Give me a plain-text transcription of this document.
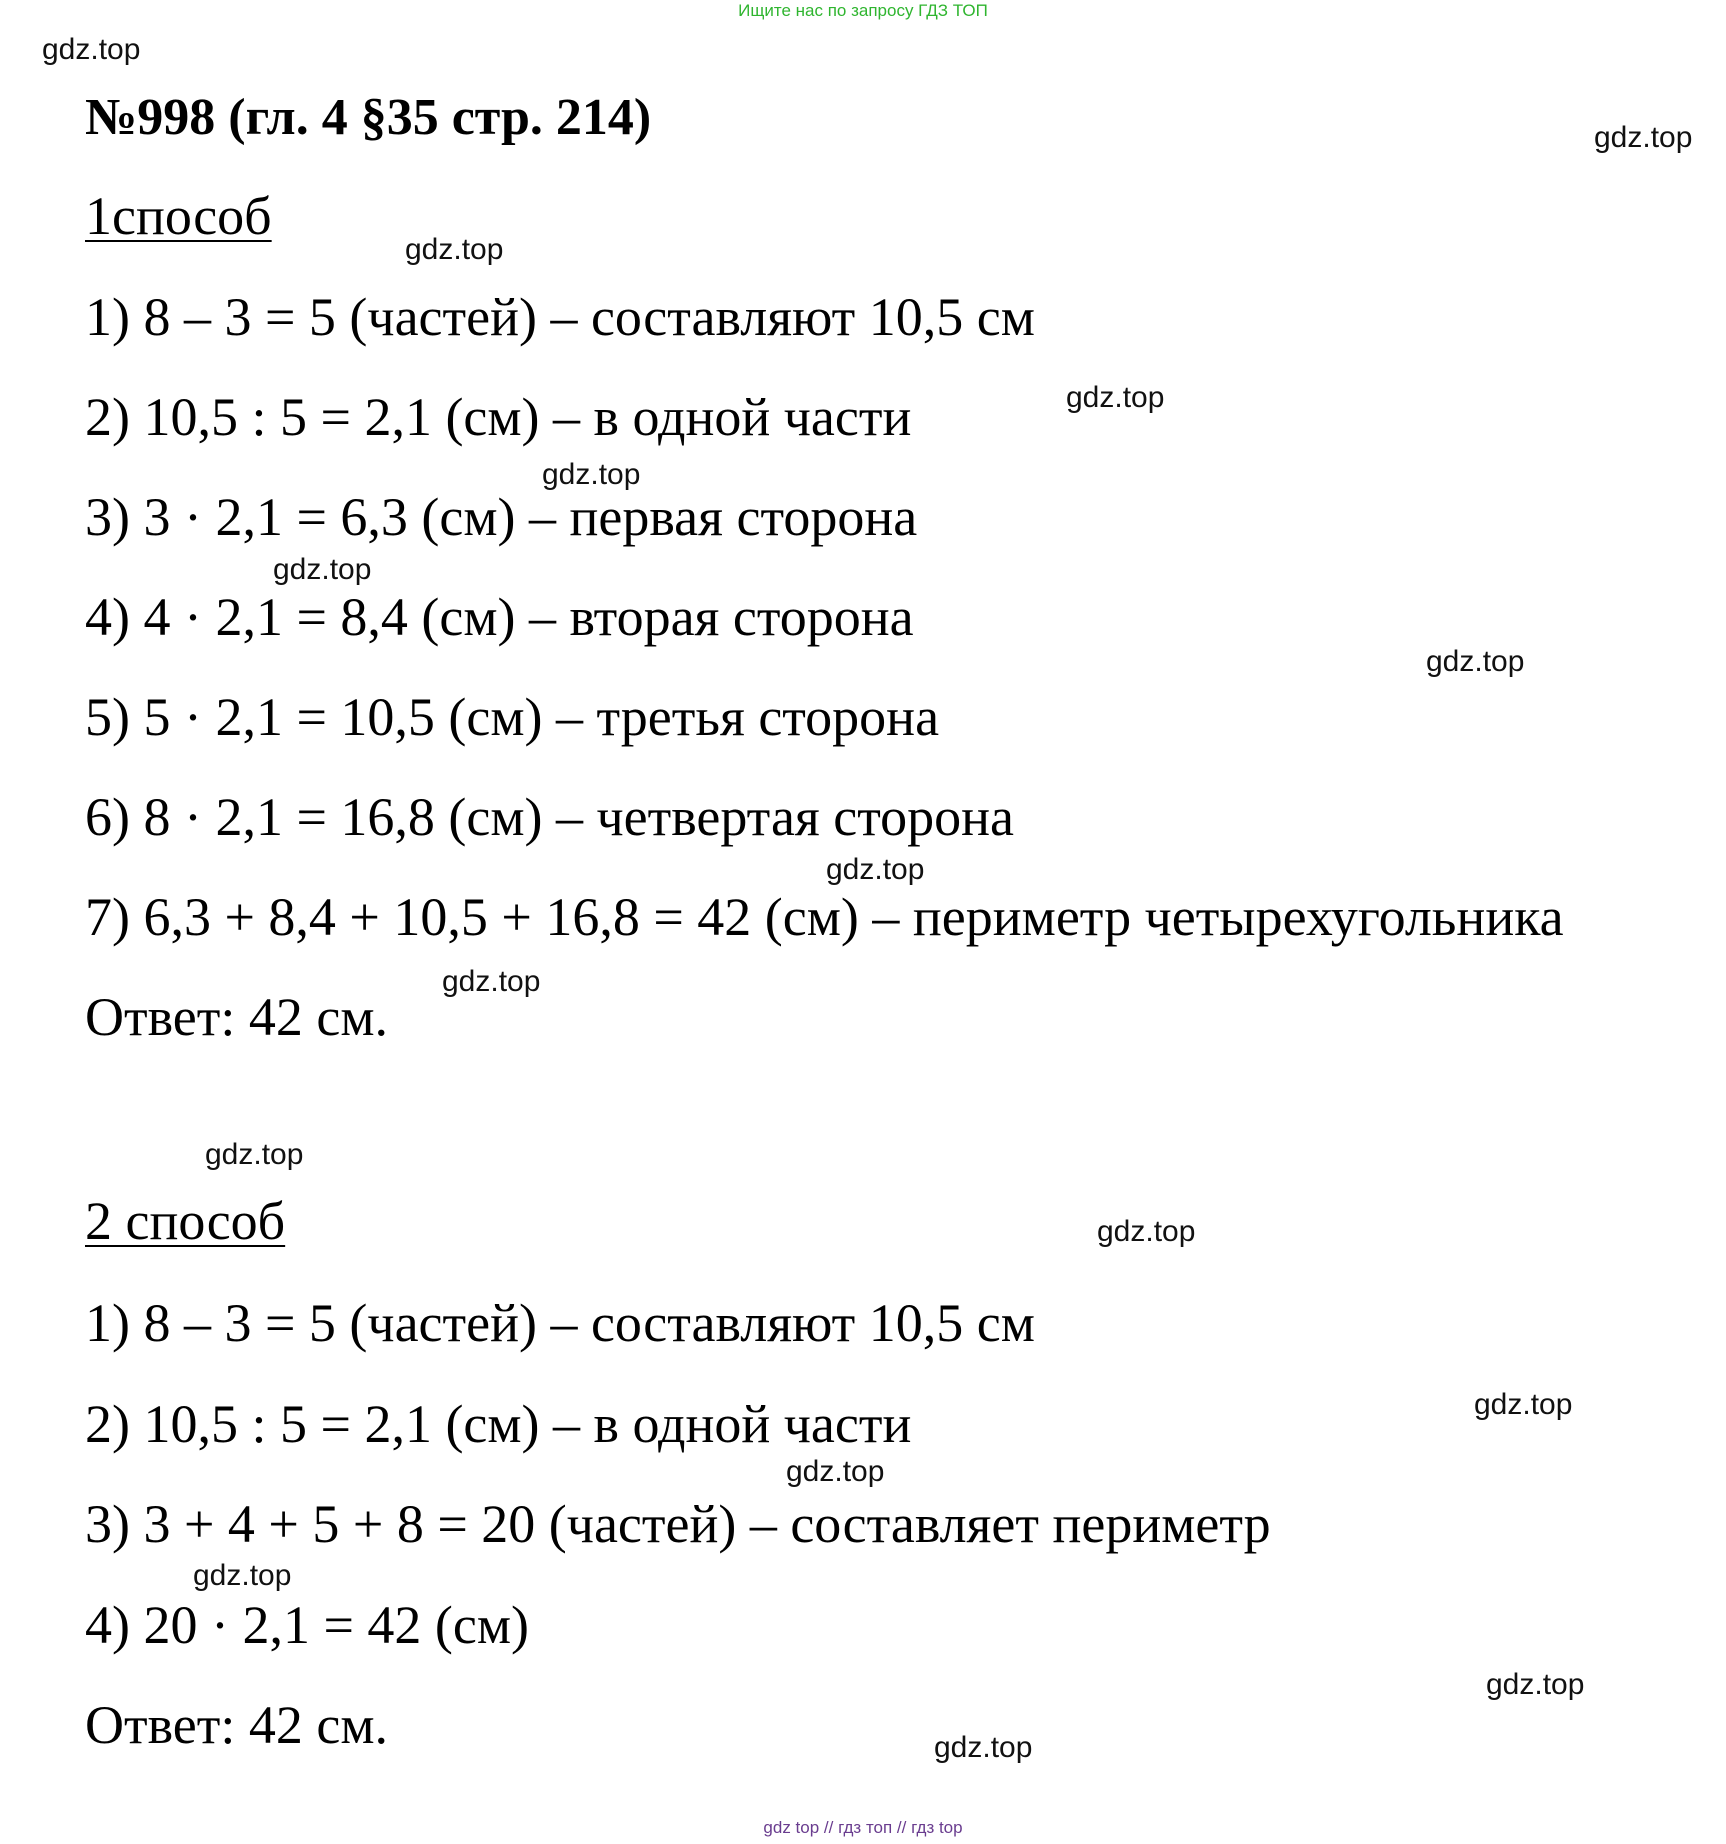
Ищите нас по запросу ГДЗ ТОП
№998 (гл. 4 §35 стр. 214)
1способ
1) 8 – 3 = 5 (частей) – составляют 10,5 см
2) 10,5 : 5 = 2,1 (см) – в одной части
3) 3 · 2,1 = 6,3 (см) – первая сторона
4) 4 · 2,1 = 8,4 (см) – вторая сторона
5) 5 · 2,1 = 10,5 (см) – третья сторона
6) 8 · 2,1 = 16,8 (см) – четвертая сторона
7) 6,3 + 8,4 + 10,5 + 16,8 = 42 (см) – периметр четырехугольника
Ответ: 42 см.
2 способ
1) 8 – 3 = 5 (частей) – составляют 10,5 см
2) 10,5 : 5 = 2,1 (см) – в одной части
3) 3 + 4 + 5 + 8 = 20 (частей) – составляет периметр
4) 20 · 2,1 = 42 (см)
Ответ: 42 см.
gdz.top
gdz.top
gdz.top
gdz.top
gdz.top
gdz.top
gdz.top
gdz.top
gdz.top
gdz.top
gdz.top
gdz.top
gdz.top
gdz.top
gdz.top
gdz.top
gdz top // гдз топ // гдз top
